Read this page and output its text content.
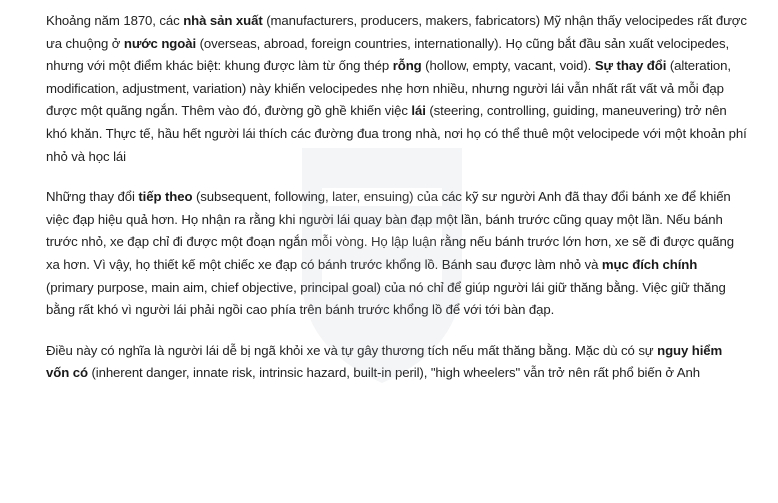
Khoảng năm 1870, các nhà sản xuất (manufacturers, producers, makers, fabricators) Mỹ nhận thấy velocipedes rất được ưa chuộng ở nước ngoài (overseas, abroad, foreign countries, internationally). Họ cũng bắt đầu sản xuất velocipedes, nhưng với một điểm khác biệt: khung được làm từ ống thép rỗng (hollow, empty, vacant, void). Sự thay đổi (alteration, modification, adjustment, variation) này khiến velocipedes nhẹ hơn nhiều, nhưng người lái vẫn nhất rất vất vả mỗi đạp được một quãng ngắn. Thêm vào đó, đường gồ ghề khiến việc lái (steering, controlling, guiding, maneuvering) trở nên khó khăn. Thực tế, hầu hết người lái thích các đường đua trong nhà, nơi họ có thể thuê một velocipede với một khoản phí nhỏ và học lái

Những thay đổi tiếp theo (subsequent, following, later, ensuing) của các kỹ sư người Anh đã thay đổi bánh xe để khiến việc đạp hiệu quả hơn. Họ nhận ra rằng khi người lái quay bàn đạp một lần, bánh trước cũng quay một lần. Nếu bánh trước nhỏ, xe đạp chỉ đi được một đoạn ngắn mỗi vòng. Họ lập luận rằng nếu bánh trước lớn hơn, xe sẽ đi được quãng xa hơn. Vì vậy, họ thiết kế một chiếc xe đạp có bánh trước khổng lồ. Bánh sau được làm nhỏ và mục đích chính (primary purpose, main aim, chief objective, principal goal) của nó chỉ để giúp người lái giữ thăng bằng. Việc giữ thăng bằng rất khó vì người lái phải ngồi cao phía trên bánh trước khổng lồ để với tới bàn đạp.

Điều này có nghĩa là người lái dễ bị ngã khỏi xe và tự gây thương tích nếu mất thăng bằng. Mặc dù có sự nguy hiểm vốn có (inherent danger, innate risk, intrinsic hazard, built-in peril), "high wheelers" vẫn trở nên rất phổ biến ở Anh
